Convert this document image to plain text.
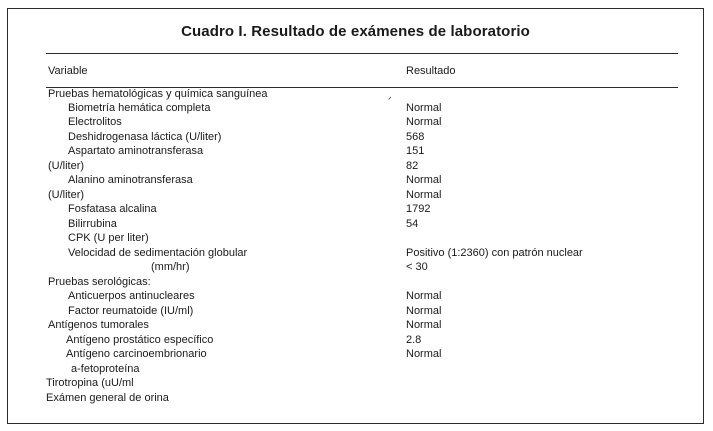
Cuadro I. Resultado de exámenes de laboratorio
Variable	Resultado
ᐟ
Pruebas hematológicas y química sanguínea
Biometría hemática completa	Normal
Electrolitos	Normal
Deshidrogenasa láctica (U/liter)	568
Aspartato aminotransferasa	151
(U/liter)	82
Alanino aminotransferasa	Normal
(U/liter)	Normal
Fosfatasa alcalina	1792
Bilirrubina	54
CPK (U per liter)
Velocidad de sedimentación globular	Positivo (1:2360) con patrón nuclear
(mm/hr)	< 30
Pruebas serológicas:
Anticuerpos antinucleares	Normal
Factor reumatoide (IU/ml)	Normal
Antígenos tumorales	Normal
Antígeno prostático específico	2.8
Antígeno carcinoembrionario	Normal
a-fetoproteína
Tirotropina (uU/ml
Exámen general de orina
